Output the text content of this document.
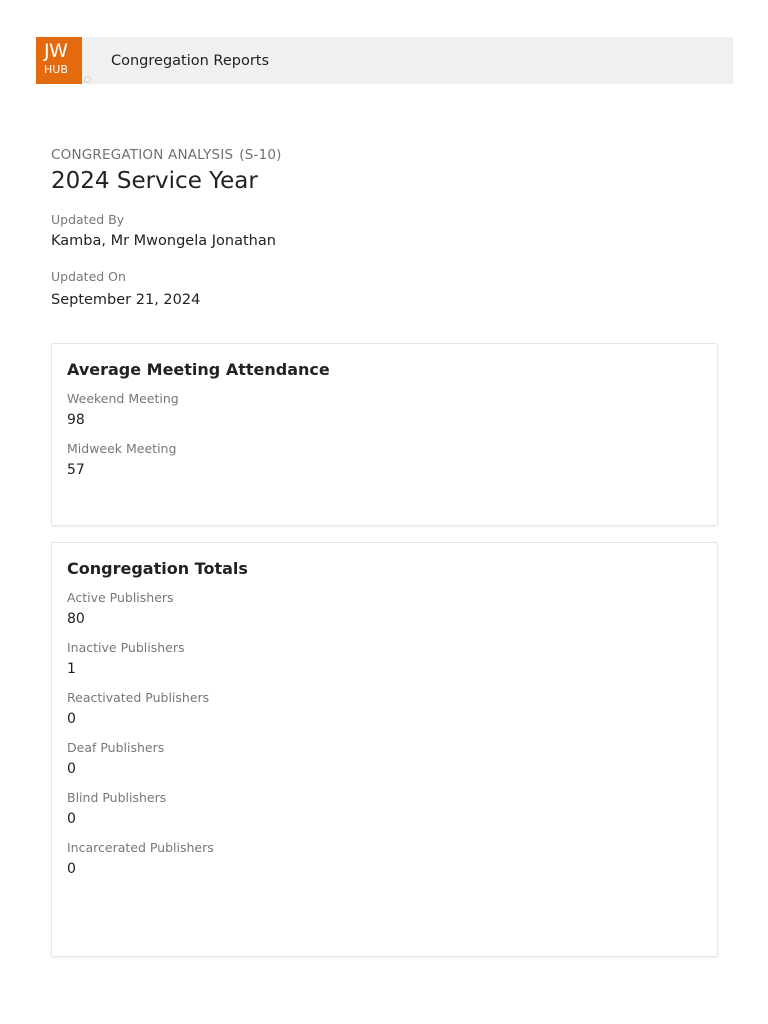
JW
HUB
Congregation Reports
CONGREGATION ANALYSIS (S-10)
2024 Service Year
Updated By
Kamba, Mr Mwongela Jonathan
Updated On
September 21, 2024
Average Meeting Attendance
Weekend Meeting
98
Midweek Meeting
57
Congregation Totals
Active Publishers
80
Inactive Publishers
1
Reactivated Publishers
0
Deaf Publishers
0
Blind Publishers
0
Incarcerated Publishers
0
